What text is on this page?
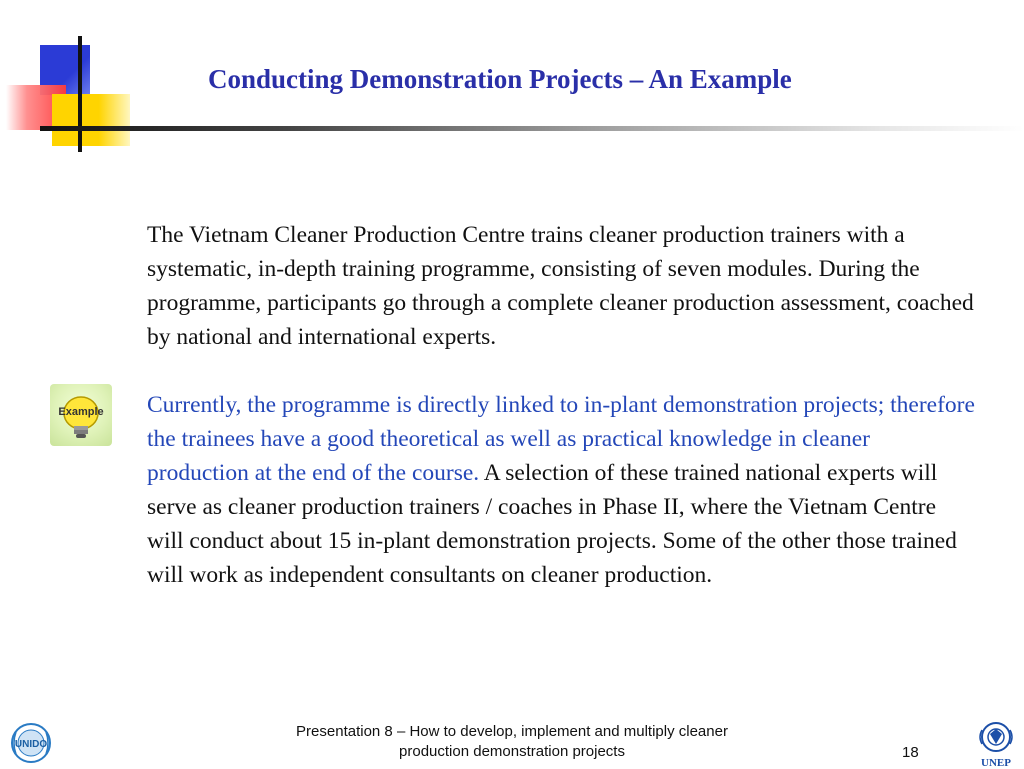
Conducting Demonstration Projects – An Example
Example

The Vietnam Cleaner Production Centre trains cleaner production trainers with a systematic, in-depth training programme, consisting of seven modules. During the programme, participants go through a complete cleaner production assessment, coached by national and international experts.

Currently, the programme is directly linked to in-plant demonstration projects; therefore the trainees have a good theoretical as well as practical knowledge in cleaner production at the end of the course. A selection of these trained national experts will serve as cleaner production trainers / coaches in Phase II, where the Vietnam Centre will conduct about 15 in-plant demonstration projects. Some of the other those trained will work as independent consultants on cleaner production.

UNIDO
Presentation 8 – How to develop, implement and multiply cleaner
production demonstration projects	18
UNEP
